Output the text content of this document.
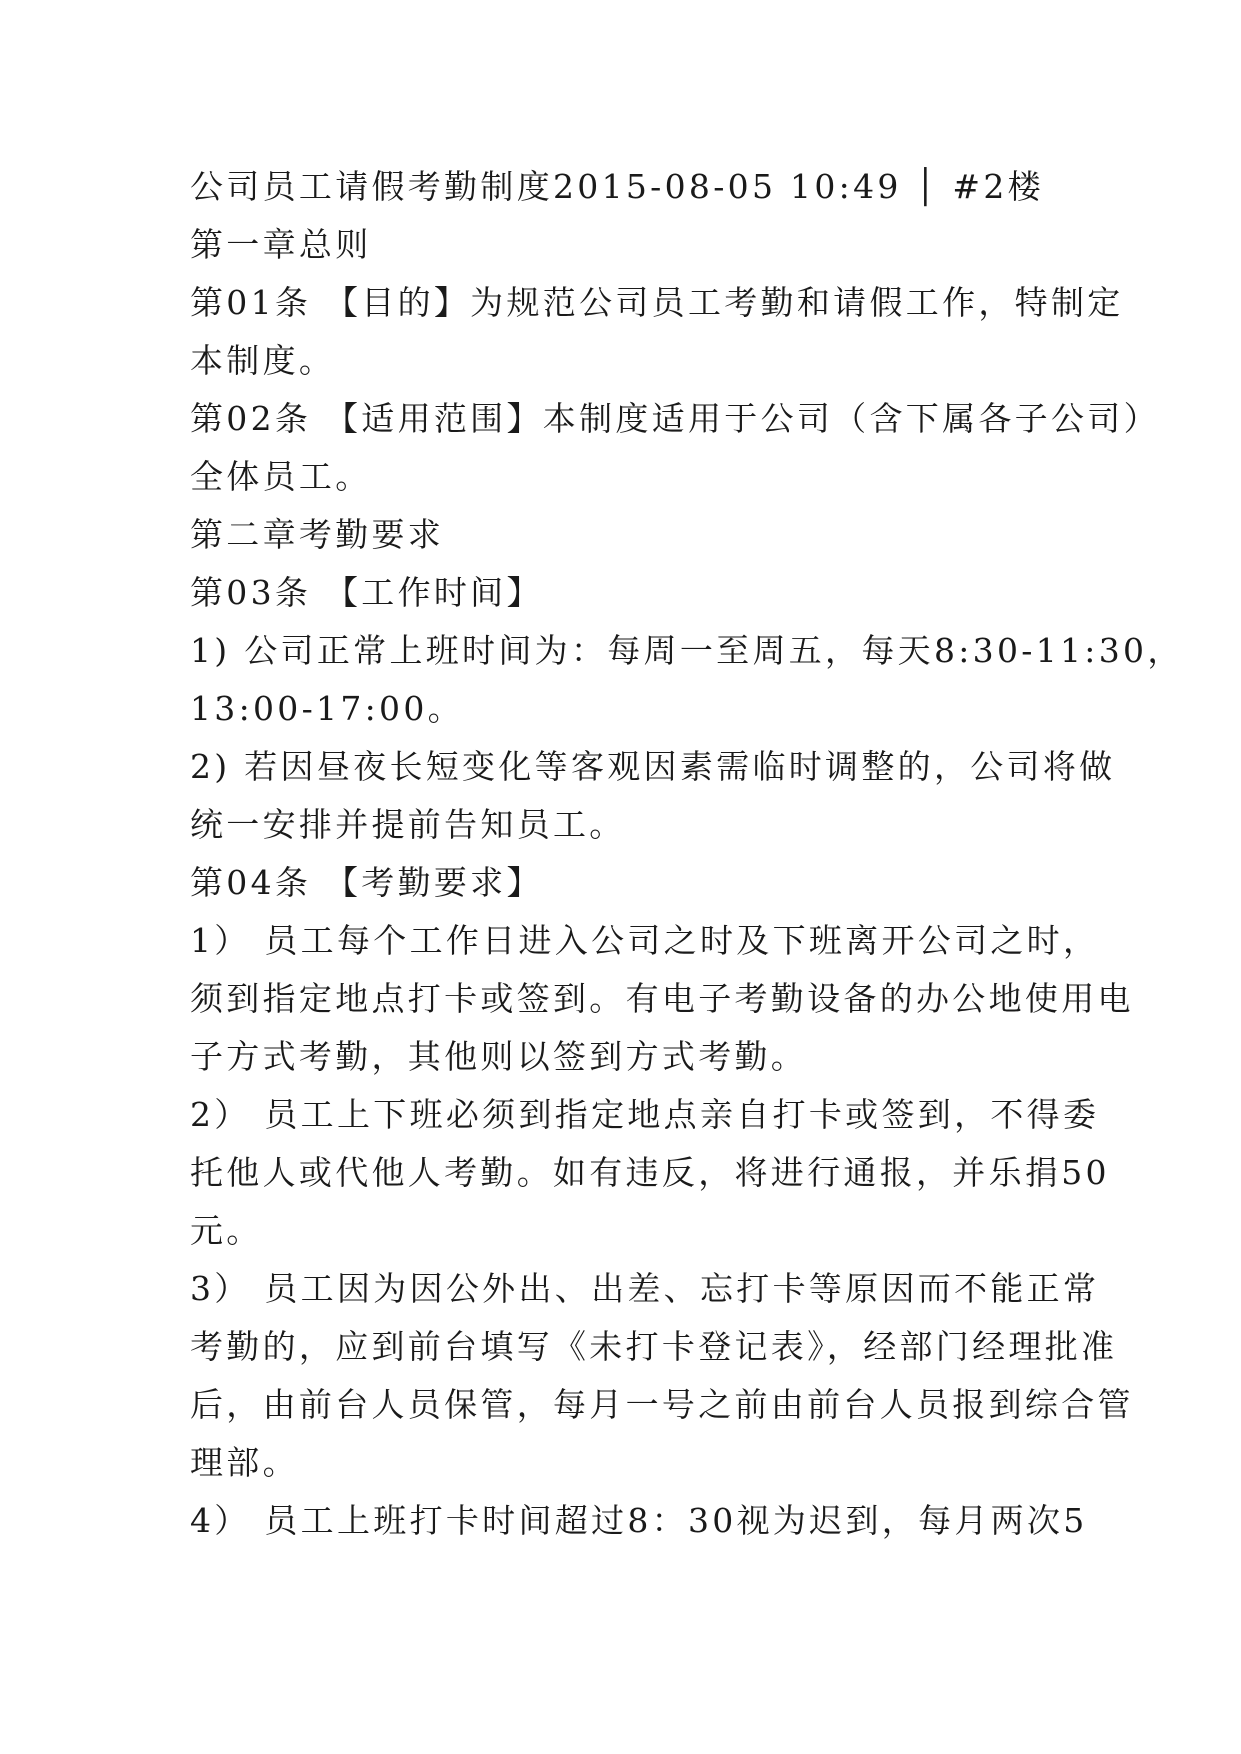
公司员工请假考勤制度2015-08-05 10:49 │ #2楼
第一章总则
第01条 【目的】为规范公司员工考勤和请假工作，特制定
本制度。
第02条 【适用范围】本制度适用于公司（含下属各子公司）
全体员工。
第二章考勤要求
第03条 【工作时间】
1) 公司正常上班时间为：每周一至周五，每天8:30-11:30，
13:00-17:00。
2) 若因昼夜长短变化等客观因素需临时调整的，公司将做
统一安排并提前告知员工。
第04条 【考勤要求】
1） 员工每个工作日进入公司之时及下班离开公司之时，
须到指定地点打卡或签到。有电子考勤设备的办公地使用电
子方式考勤，其他则以签到方式考勤。
2） 员工上下班必须到指定地点亲自打卡或签到，不得委
托他人或代他人考勤。如有违反，将进行通报，并乐捐50
元。
3） 员工因为因公外出、出差、忘打卡等原因而不能正常
考勤的，应到前台填写《未打卡登记表》，经部门经理批准
后，由前台人员保管，每月一号之前由前台人员报到综合管
理部。
4） 员工上班打卡时间超过8：30视为迟到，每月两次5
